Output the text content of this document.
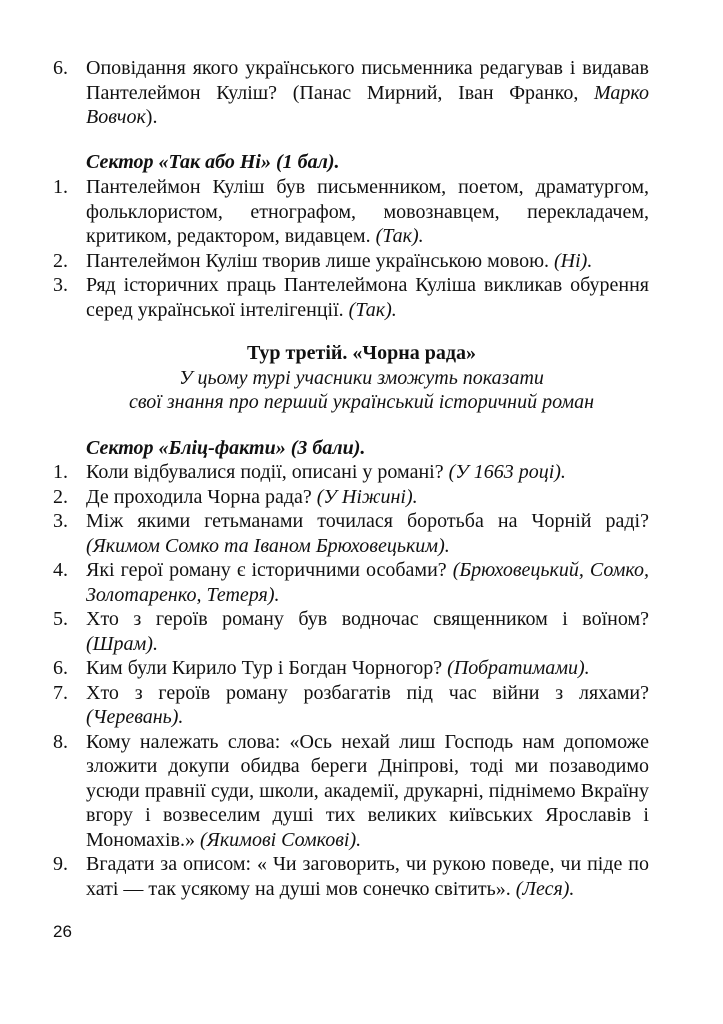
6. Оповідання якого українського письменника редагував і видавав Пантелеймон Куліш? (Панас Мирний, Іван Франко, Марко Вовчок).
Сектор «Так або Ні» (1 бал).
1. Пантелеймон Куліш був письменником, поетом, драматургом, фольклористом, етнографом, мовознавцем, перекладачем, критиком, редактором, видавцем. (Так).
2. Пантелеймон Куліш творив лише українською мовою. (Ні).
3. Ряд історичних праць Пантелеймона Куліша викликав обурення серед української інтелігенції. (Так).
Тур третій. «Чорна рада»
У цьому турі учасники зможуть показати
свої знання про перший український історичний роман
Сектор «Бліц-факти» (3 бали).
1. Коли відбувалися події, описані у романі? (У 1663 році).
2. Де проходила Чорна рада? (У Ніжині).
3. Між якими гетьманами точилася боротьба на Чорній раді? (Якимом Сомко та Іваном Брюховецьким).
4. Які герої роману є історичними особами? (Брюховецький, Сомко, Золотаренко, Тетеря).
5. Хто з героїв роману був водночас священником і воїном? (Шрам).
6. Ким були Кирило Тур і Богдан Чорногор? (Побратимами).
7. Хто з героїв роману розбагатів під час війни з ляхами? (Черевань).
8. Кому належать слова: «Ось нехай лиш Господь нам допоможе зложити докупи обидва береги Дніпрові, тоді ми позаводимо усюди правнії суди, школи, академії, друкарні, піднімемо Вкраїну вгору і возвеселим душі тих великих київських Ярославів і Мономахів.» (Якимові Сомкові).
9. Вгадати за описом: « Чи заговорить, чи рукою поведе, чи піде по хаті — так усякому на душі мов сонечко світить». (Леся).
26
